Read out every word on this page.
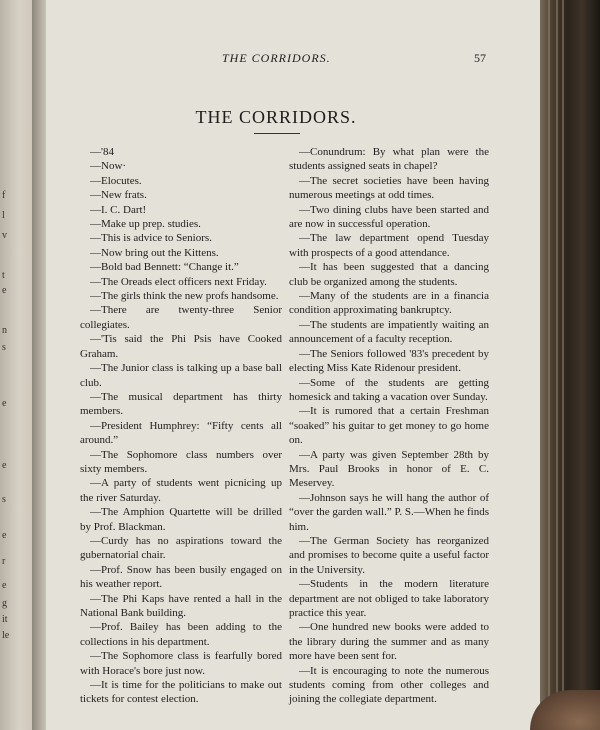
f
l
v
t
e
n
s
e
e
s
e
r
e
g
it
le
THE CORRIDORS.	57
THE CORRIDORS.

—'84

—Now·

—Elocutes.

—New frats.

—I. C. Dart!

—Make up prep. studies.

—This is advice to Seniors.

—Now bring out the Kittens.

—Bold bad Bennett: “Change it.”

—The Oreads elect officers next Friday.

—The girls think the new profs handsome.

—There are twenty-three Senior collegiates.

—'Tis said the Phi Psis have Cooked Graham.

—The Junior class is talking up a base ball club.

—The musical department has thirty members.

—President Humphrey: “Fifty cents all around.”

—The Sophomore class numbers over sixty members.

—A party of students went picnicing up the river Saturday.

—The Amphion Quartette will be drilled by Prof. Blackman.

—Curdy has no aspirations toward the gubernatorial chair.

—Prof. Snow has been busily engaged on his weather report.

—The Phi Kaps have rented a hall in the National Bank building.

—Prof. Bailey has been adding to the collections in his department.

—The Sophomore class is fearfully bored with Horace's bore just now.

—It is time for the politicians to make out tickets for contest election.

—Conundrum: By what plan were the students assigned seats in chapel?

—The secret societies have been having numerous meetings at odd times.

—Two dining clubs have been started and are now in successful operation.

—The law department opend Tuesday with prospects of a good attendance.

—It has been suggested that a dancing club be organized among the students.

—Many of the students are in a financia condition approximating bankruptcy.

—The students are impatiently waiting an announcement of a faculty reception.

—The Seniors followed '83's precedent by electing Miss Kate Ridenour president.

—Some of the students are getting homesick and taking a vacation over Sunday.

—It is rumored that a certain Freshman “soaked” his guitar to get money to go home on.

—A party was given September 28th by Mrs. Paul Brooks in honor of E. C. Meservey.

—Johnson says he will hang the author of “over the garden wall.” P. S.—When he finds him.

—The German Society has reorganized and promises to become quite a useful factor in the University.

—Students in the modern literature department are not obliged to take laboratory practice this year.

—One hundred new books were added to the library during the summer and as many more have been sent for.

—It is encouraging to note the numerous students coming from other colleges and joining the collegiate department.
